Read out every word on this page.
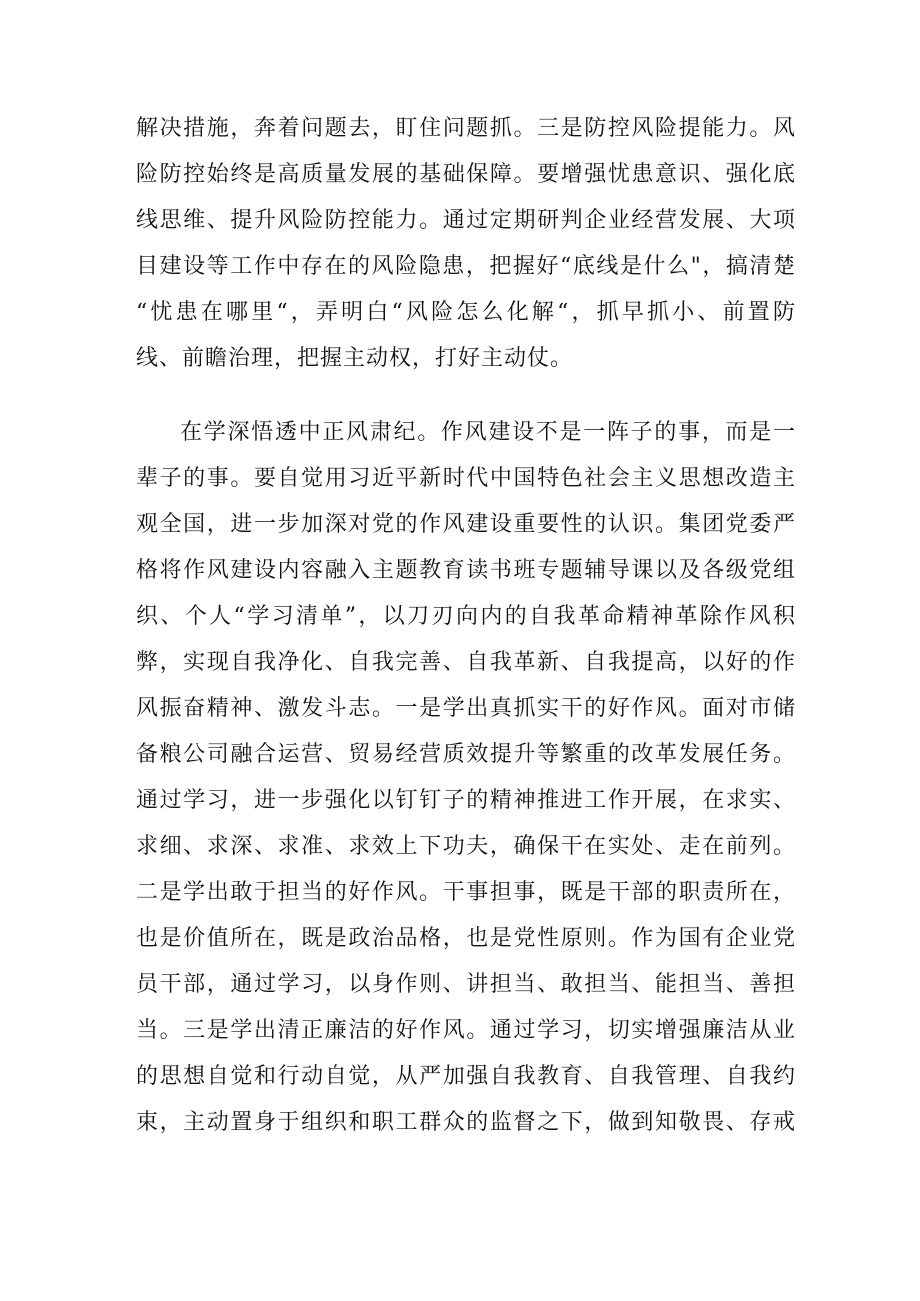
解决措施，奔着问题去，盯住问题抓。三是防控风险提能力。风
险防控始终是高质量发展的基础保障。要增强忧患意识、强化底
线思维、提升风险防控能力。通过定期研判企业经营发展、大项
目建设等工作中存在的风险隐患，把握好“底线是什么"，搞清楚
“忧患在哪里“，弄明白“风险怎么化解“，抓早抓小、前置防
线、前瞻治理，把握主动权，打好主动仗。
在学深悟透中正风肃纪。作风建设不是一阵子的事，而是一
辈子的事。要自觉用习近平新时代中国特色社会主义思想改造主
观全国，进一步加深对党的作风建设重要性的认识。集团党委严
格将作风建设内容融入主题教育读书班专题辅导课以及各级党组
织、个人“学习清单”，以刀刃向内的自我革命精神革除作风积
弊，实现自我净化、自我完善、自我革新、自我提高，以好的作
风振奋精神、激发斗志。一是学出真抓实干的好作风。面对市储
备粮公司融合运营、贸易经营质效提升等繁重的改革发展任务。
通过学习，进一步强化以钉钉子的精神推进工作开展，在求实、
求细、求深、求准、求效上下功夫，确保干在实处、走在前列。
二是学出敢于担当的好作风。干事担事，既是干部的职责所在，
也是价值所在，既是政治品格，也是党性原则。作为国有企业党
员干部，通过学习，以身作则、讲担当、敢担当、能担当、善担
当。三是学出清正廉洁的好作风。通过学习，切实增强廉洁从业
的思想自觉和行动自觉，从严加强自我教育、自我管理、自我约
束，主动置身于组织和职工群众的监督之下，做到知敬畏、存戒
